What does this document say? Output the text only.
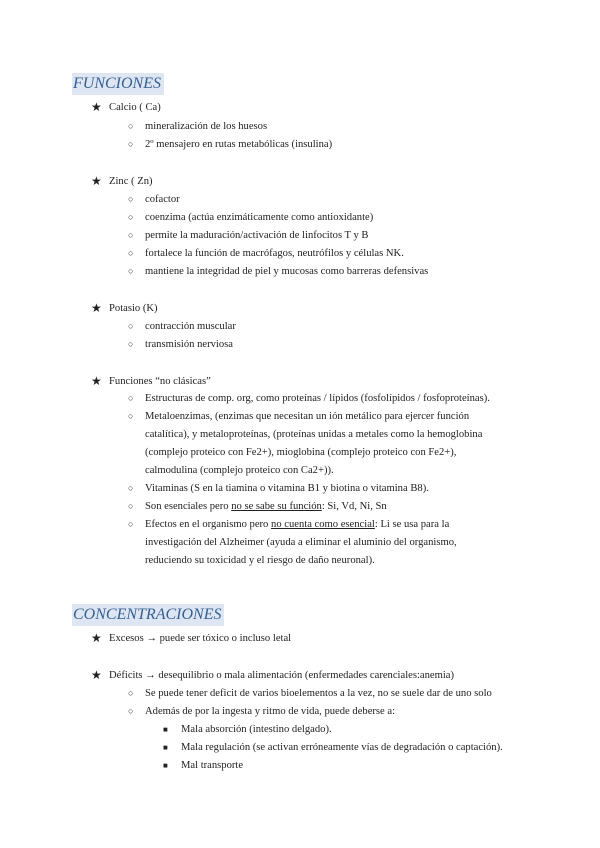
FUNCIONES
★ Calcio ( Ca)
○ mineralización de los huesos
○ 2º mensajero en rutas metabólicas (insulina)
★ Zinc ( Zn)
○ cofactor
○ coenzima (actúa enzimáticamente como antioxidante)
○ permite la maduración/activación de linfocitos T y B
○ fortalece la función de macrófagos, neutrófilos y células NK.
○ mantiene la integridad de piel y mucosas como barreras defensivas
★ Potasio (K)
○ contracción muscular
○ transmisión nerviosa
★ Funciones “no clásicas”
○ Estructuras de comp. org, como proteínas / lípidos (fosfolípidos / fosfoproteínas).
○ Metaloenzimas, (enzimas que necesitan un ión metálico para ejercer función
catalítica), y metaloproteínas, (proteínas unidas a metales como la hemoglobina
(complejo proteico con Fe2+), mioglobina (complejo proteico con Fe2+),
calmodulina (complejo proteico con Ca2+)).
○ Vitaminas (S en la tiamina o vitamina B1 y biotina o vitamina B8).
○ Son esenciales pero no se sabe su función: Si, Vd, Ni, Sn
○ Efectos en el organismo pero no cuenta como esencial: Li se usa para la
investigación del Alzheimer (ayuda a eliminar el aluminio del organismo,
reduciendo su toxicidad y el riesgo de daño neuronal).
CONCENTRACIONES
★ Excesos → puede ser tóxico o incluso letal
★ Déficits → desequilibrio o mala alimentación (enfermedades carenciales:anemia)
○ Se puede tener deficit de varios bioelementos a la vez, no se suele dar de uno solo
○ Además de por la ingesta y ritmo de vida, puede deberse a:
■ Mala absorción (intestino delgado).
■ Mala regulación (se activan erróneamente vías de degradación o captación).
■ Mal transporte
